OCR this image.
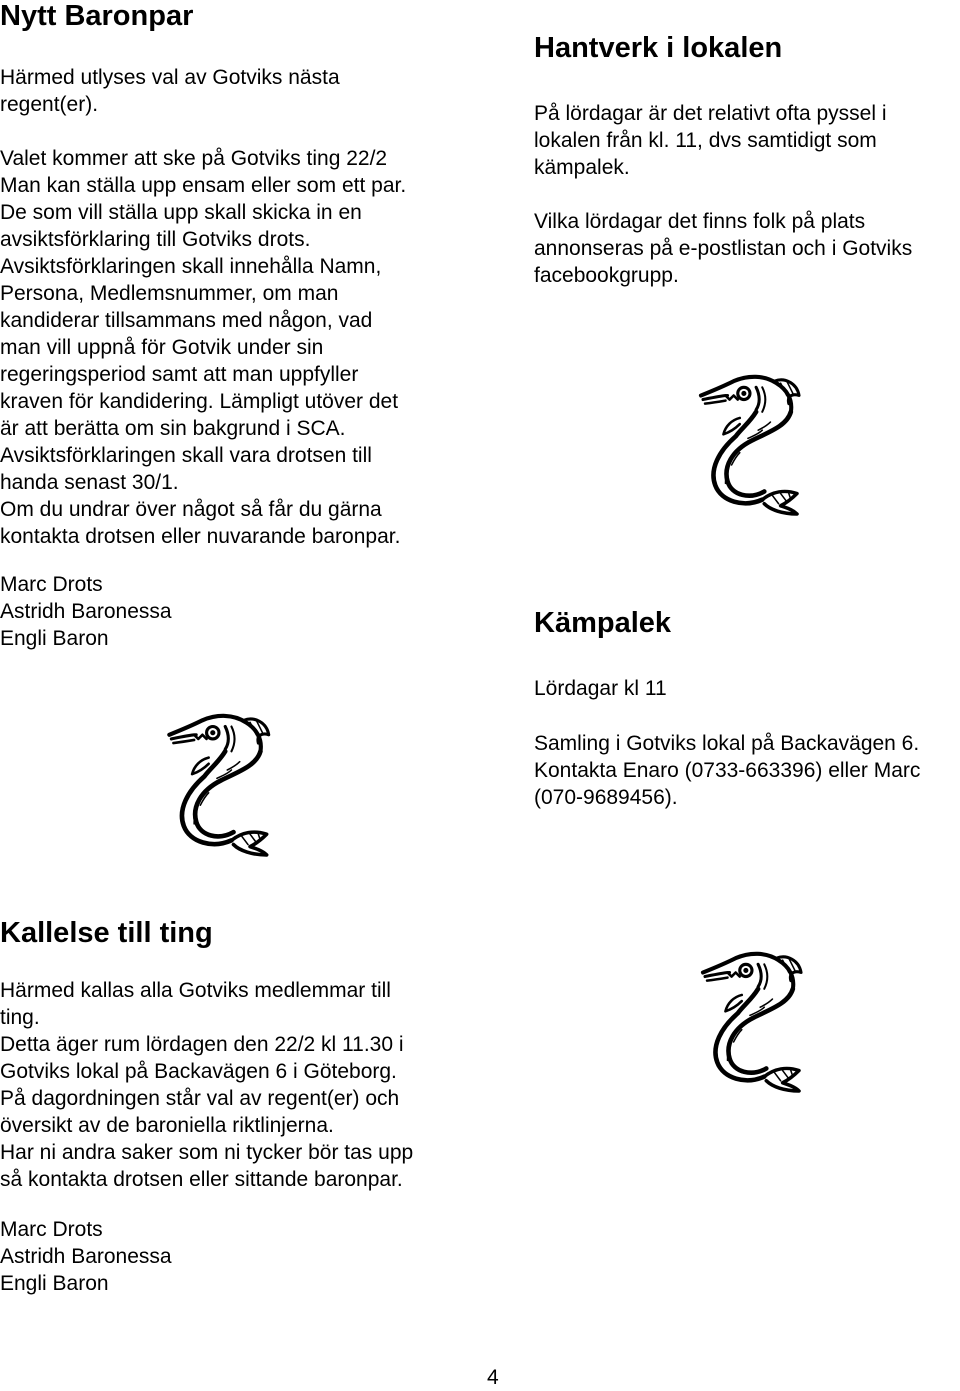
Nytt Baronpar
Härmed utlyses val av Gotviks nästa
regent(er).
Valet kommer att ske på Gotviks ting 22/2
Man kan ställa upp ensam eller som ett par.
De som vill ställa upp skall skicka in en
avsiktsförklaring till Gotviks drots.
Avsiktsförklaringen skall innehålla Namn,
Persona, Medlemsnummer, om man
kandiderar tillsammans med någon, vad
man vill uppnå för Gotvik under sin
regeringsperiod samt att man uppfyller
kraven för kandidering. Lämpligt utöver det
är att berätta om sin bakgrund i SCA.
Avsiktsförklaringen skall vara drotsen till
handa senast 30/1.
Om du undrar över något så får du gärna
kontakta drotsen eller nuvarande baronpar.
Marc Drots
Astridh Baronessa
Engli Baron
Kallelse till ting
Härmed kallas alla Gotviks medlemmar till
ting.
Detta äger rum lördagen den 22/2 kl 11.30 i
Gotviks lokal på Backavägen 6 i Göteborg.
På dagordningen står val av regent(er) och
översikt av de baroniella riktlinjerna.
Har ni andra saker som ni tycker bör tas upp
så kontakta drotsen eller sittande baronpar.
Marc Drots
Astridh Baronessa
Engli Baron
Hantverk i lokalen
På lördagar är det relativt ofta pyssel i
lokalen från kl. 11, dvs samtidigt som
kämpalek.
Vilka lördagar det finns folk på plats
annonseras på e-postlistan och i Gotviks
facebookgrupp.
Kämpalek
Lördagar kl 11
Samling i Gotviks lokal på Backavägen 6.
Kontakta Enaro (0733-663396) eller Marc
(070-9689456).
4
